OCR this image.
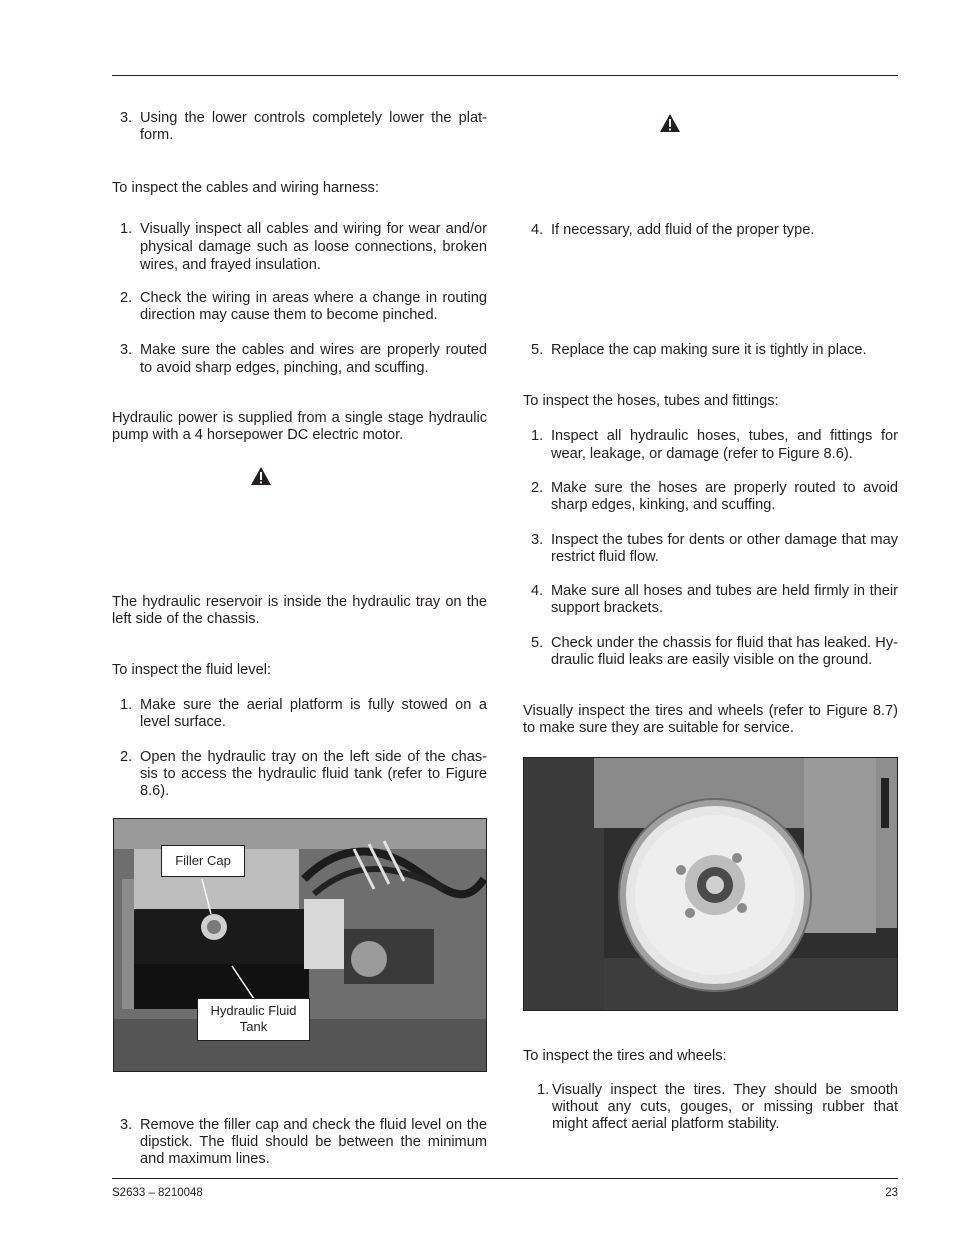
3. Using the lower controls completely lower the plat-form.
To inspect the cables and wiring harness:
1. Visually inspect all cables and wiring for wear and/or physical damage such as loose connections, broken wires, and frayed insulation.
2. Check the wiring in areas where a change in routing direction may cause them to become pinched.
3. Make sure the cables and wires are properly routed to avoid sharp edges, pinching, and scuffing.
Hydraulic power is supplied from a single stage hydraulic pump with a 4 horsepower DC electric motor.
The hydraulic reservoir is inside the hydraulic tray on the left side of the chassis.
To inspect the fluid level:
1. Make sure the aerial platform is fully stowed on a level surface.
2. Open the hydraulic tray on the left side of the chas-sis to access the hydraulic fluid tank (refer to Figure 8.6).
Filler Cap
Hydraulic Fluid
Tank
3. Remove the filler cap and check the fluid level on the dipstick. The fluid should be between the minimum and maximum lines.
4. If necessary, add fluid of the proper type.
5. Replace the cap making sure it is tightly in place.
To inspect the hoses, tubes and fittings:
1. Inspect all hydraulic hoses, tubes, and fittings for wear, leakage, or damage (refer to Figure 8.6).
2. Make sure the hoses are properly routed to avoid sharp edges, kinking, and scuffing.
3. Inspect the tubes for dents or other damage that may restrict fluid flow.
4. Make sure all hoses and tubes are held firmly in their support brackets.
5. Check under the chassis for fluid that has leaked. Hy-draulic fluid leaks are easily visible on the ground.
Visually inspect the tires and wheels (refer to Figure 8.7) to make sure they are suitable for service.
To inspect the tires and wheels:
1. Visually inspect the tires. They should be smooth without any cuts, gouges, or missing rubber that might affect aerial platform stability.
S2633 – 8210048	23
